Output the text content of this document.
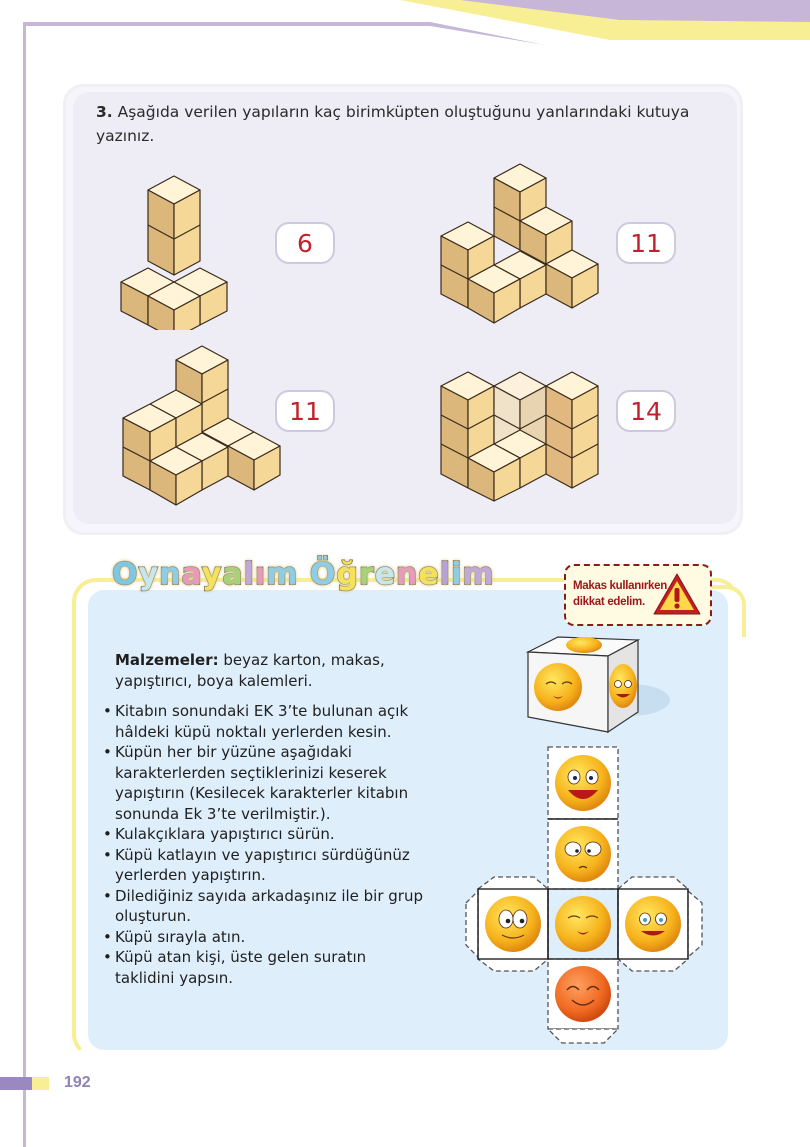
3. Aşağıda verilen yapıların kaç birimküpten oluştuğunu yanlarındaki kutuya yazınız.
6	11
11	14
Oynayalım Öğrenelim	Makas kullanırken
dikkat edelim.

Malzemeler: beyaz karton, makas, yapıştırıcı, boya kalemleri.

• Kitabın sonundaki EK 3’te bulunan açık hâldeki küpü noktalı yerlerden kesin.
• Küpün her bir yüzüne aşağıdaki karakterlerden seçtiklerinizi keserek yapıştırın (Kesilecek karakterler kitabın sonunda Ek 3’te verilmiştir.).
• Kulakçıklara yapıştırıcı sürün.
• Küpü katlayın ve yapıştırıcı sürdüğünüz yerlerden yapıştırın.
• Dilediğiniz sayıda arkadaşınız ile bir grup oluşturun.
• Küpü sırayla atın.
• Küpü atan kişi, üste gelen suratın taklidini yapsın.
192
